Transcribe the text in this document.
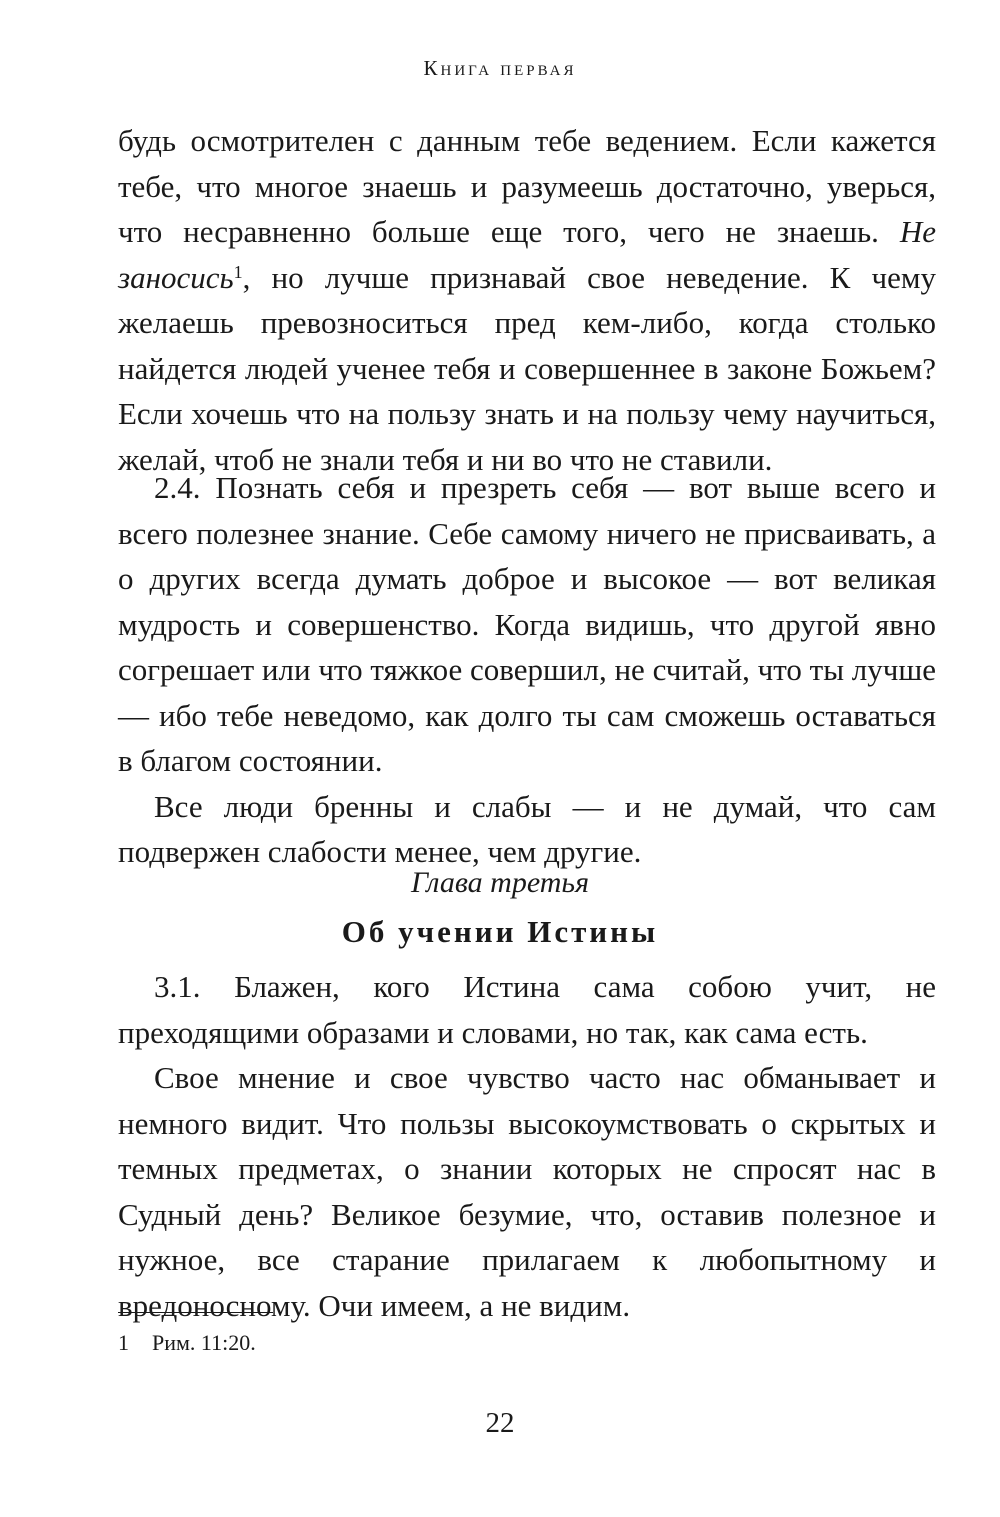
Книга первая

будь осмотрителен с данным тебе ведением. Если кажется тебе, что многое знаешь и разумеешь достаточно, уверься, что несравненно больше еще того, чего не знаешь. Не заносись$^1$, но лучше признавай свое неведение. К чему желаешь превозноситься пред кем-либо, когда столько найдется людей ученее тебя и совершеннее в законе Божьем? Если хочешь что на пользу знать и на пользу чему научиться, желай, чтоб не знали тебя и ни во что не ставили.

2.4. Познать себя и презреть себя — вот выше всего и всего полезнее знание. Себе самому ничего не присваивать, а о других всегда думать доброе и высокое — вот великая мудрость и совершенство. Когда видишь, что другой явно согрешает или что тяжкое совершил, не считай, что ты лучше — ибо тебе неведомо, как долго ты сам сможешь оставаться в благом состоянии.

Все люди бренны и слабы — и не думай, что сам подвержен слабости менее, чем другие.

Глава третья
Об учении Истины

3.1. Блажен, кого Истина сама собою учит, не преходящими образами и словами, но так, как сама есть.

Свое мнение и свое чувство часто нас обманывает и немного видит. Что пользы высокоумствовать о скрытых и темных предметах, о знании которых не спросят нас в Судный день? Великое безумие, что, оставив полезное и нужное, все старание прилагаем к любопытному и вредоносному. Очи имеем, а не видим.

1 Рим. 11:20.
22
